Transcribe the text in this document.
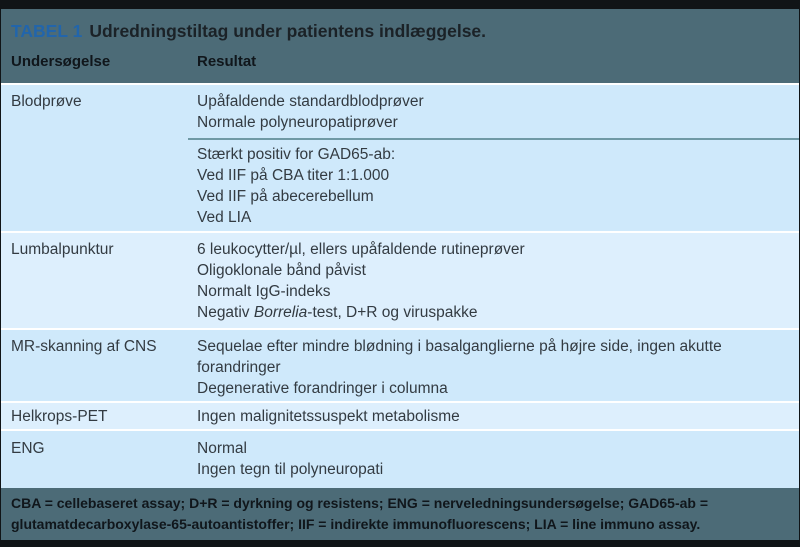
TABEL 1 Udredningstiltag under patientens indlæggelse.
Undersøgelse	Resultat
Blodprøve	Upåfaldende standardblodprøver
Normale polyneuropatiprøver
Stærkt positiv for GAD65-ab:
Ved IIF på CBA titer 1:1.000
Ved IIF på abecerebellum
Ved LIA
Lumbalpunktur	6 leukocytter/µl, ellers upåfaldende rutineprøver
Oligoklonale bånd påvist
Normalt IgG-indeks
Negativ Borrelia-test, D+R og viruspakke
MR-skanning af CNS	Sequelae efter mindre blødning i basalganglierne på højre side, ingen akutte forandringer
Degenerative forandringer i columna
Helkrops-PET	Ingen malignitetssuspekt metabolisme
ENG	Normal
Ingen tegn til polyneuropati
CBA = cellebaseret assay; D+R = dyrkning og resistens; ENG = nerveledningsundersøgelse; GAD65-ab = glutamatdecarboxylase-65-autoantistoffer; IIF = indirekte immunofluorescens; LIA = line immuno assay.
